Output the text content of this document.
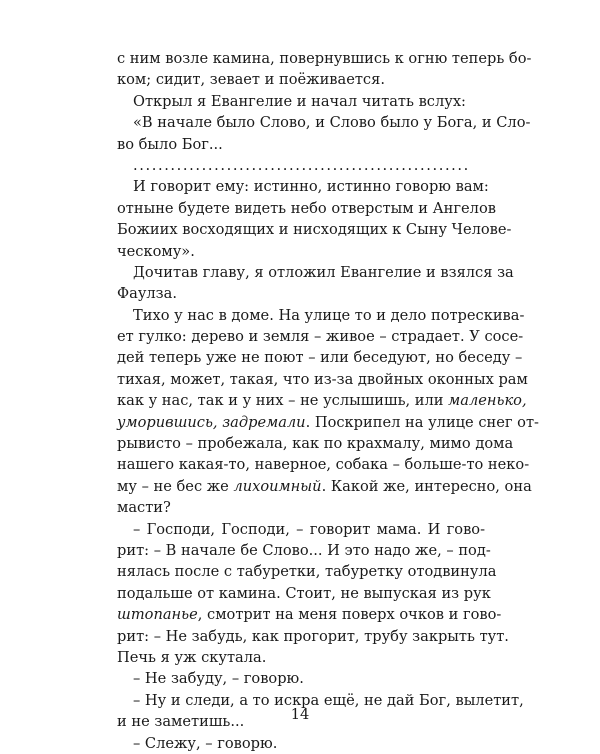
с ним возле камина, повернувшись к огню теперь бо-
ком; сидит, зевает и поёживается.
Открыл я Евангелие и начал читать вслух:
«В начале было Слово, и Слово было у Бога, и Сло-
во было Бог...
......................................................
И говорит ему: истинно, истинно говорю вам:
отныне будете видеть небо отверстым и Ангелов
Божиих восходящих и нисходящих к Сыну Челове-
ческому».
Дочитав главу, я отложил Евангелие и взялся за
Фаулза.
Тихо у нас в доме. На улице то и дело потрескива-
ет гулко: дерево и земля – живое – страдает. У сосе-
дей теперь уже не поют – или беседуют, но беседу –
тихая, может, такая, что из-за двойных оконных рам
как у нас, так и у них – не услышишь, или маленько,
уморившись, задремали. Поскрипел на улице снег от-
рывисто – пробежала, как по крахмалу, мимо дома
нашего какая-то, наверное, собака – больше-то неко-
му – не бес же лихоимный. Какой же, интересно, она
масти?
– Господи, Господи, – говорит мама. И гово-
рит: – В начале бе Слово... И это надо же, – под-
нялась после с табуретки, табуретку отодвинула
подальше от камина. Стоит, не выпуская из рук
штопанье, смотрит на меня поверх очков и гово-
рит: – Не забудь, как прогорит, трубу закрыть тут.
Печь я уж скутала.
– Не забуду, – говорю.
– Ну и следи, а то искра ещё, не дай Бог, вылетит,
и не заметишь...
– Слежу, – говорю.
14
